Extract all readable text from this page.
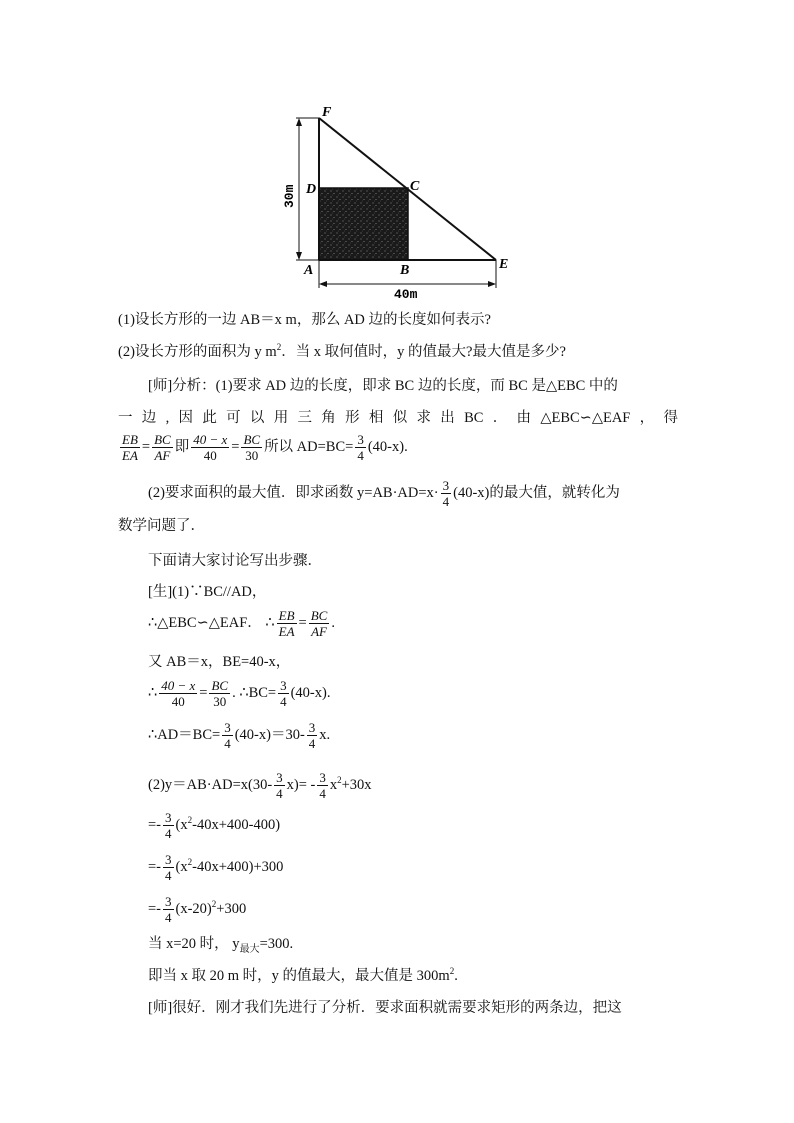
F
D	C
A	B	E
30m
40m
(1)设长方形的一边 AB＝x m，那么 AD 边的长度如何表示?
(2)设长方形的面积为 y $m^2$．当 x 取何值时，y 的值最大?最大值是多少?
[师]分析：(1)要求 AD 边的长度，即求 BC 边的长度，而 BC 是△EBC 中的
一 边 , 因 此 可 以 用 三 角 形 相 似 求 出 BC ． 由 △EBC∽△EAF ， 得
$\frac{EB}{EA} = \frac{BC}{AF}$ 即 $\frac{40 - x}{40} = \frac{BC}{30}$ 所以 $AD=BC= \frac{3}{4} (40-x)$.
(2)要求面积的最大值．即求函数 $y=AB\cdot AD=x\cdot \frac{3}{4} (40-x)$的最大值，就转化为
数学问题了．
下面请大家讨论写出步骤．
[生](1)∵BC//AD，
∴△EBC∽△EAF． ∴ $\frac{EB}{EA} = \frac{BC}{AF}$ .
又 AB＝x，BE=40-x，
∴ $\frac{40 - x}{40} = \frac{BC}{30}$ . ∴BC= $\frac{3}{4} (40-x)$.
∴AD＝BC= $\frac{3}{4} (40-x)=30- \frac{3}{4} x$.
$(2)y=AB\cdot AD=x(30- \frac{3}{4} x)= - \frac{3}{4} x^2+30x$
=- $\frac{3}{4} (x^2-40x+400-400)$
=- $\frac{3}{4} (x^2-40x+400)+300$
=- $\frac{3}{4} (x-20)^2+300$
当 x=20 时， $y_{最大}=300$.
即当 x 取 20 m 时，y 的值最大，最大值是 $300m^2$.
[师]很好．刚才我们先进行了分析．要求面积就需要求矩形的两条边，把这
